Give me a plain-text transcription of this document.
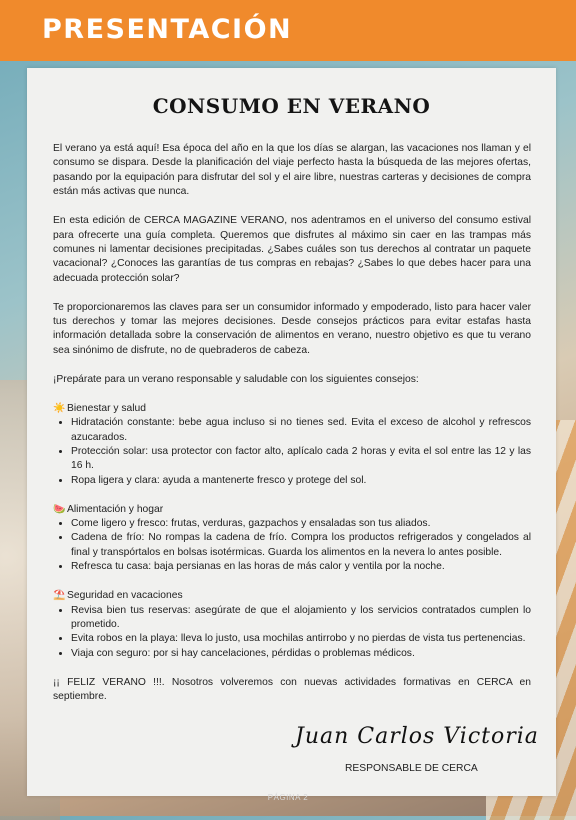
PRESENTACIÓN
CONSUMO EN VERANO

El verano ya está aquí! Esa época del año en la que los días se alargan, las vacaciones nos llaman y el consumo se dispara. Desde la planificación del viaje perfecto hasta la búsqueda de las mejores ofertas, pasando por la equipación para disfrutar del sol y el aire libre, nuestras carteras y decisiones de compra están más activas que nunca.

En esta edición de CERCA MAGAZINE VERANO, nos adentramos en el universo del consumo estival para ofrecerte una guía completa. Queremos que disfrutes al máximo sin caer en las trampas más comunes ni lamentar decisiones precipitadas. ¿Sabes cuáles son tus derechos al contratar un paquete vacacional? ¿Conoces las garantías de tus compras en rebajas? ¿Sabes lo que debes hacer para una adecuada protección solar?

Te proporcionaremos las claves para ser un consumidor informado y empoderado, listo para hacer valer tus derechos y tomar las mejores decisiones. Desde consejos prácticos para evitar estafas hasta información detallada sobre la conservación de alimentos en verano, nuestro objetivo es que tu verano sea sinónimo de disfrute, no de quebraderos de cabeza.

¡Prepárate para un verano responsable y saludable con los siguientes consejos:

☀️ Bienestar y salud
• Hidratación constante: bebe agua incluso si no tienes sed. Evita el exceso de alcohol y refrescos azucarados.
• Protección solar: usa protector con factor alto, aplícalo cada 2 horas y evita el sol entre las 12 y las 16 h.
• Ropa ligera y clara: ayuda a mantenerte fresco y protege del sol.
🍉 Alimentación y hogar
• Come ligero y fresco: frutas, verduras, gazpachos y ensaladas son tus aliados.
• Cadena de frío: No rompas la cadena de frío. Compra los productos refrigerados y congelados al final y transpórtalos en bolsas isotérmicas. Guarda los alimentos en la nevera lo antes posible.
• Refresca tu casa: baja persianas en las horas de más calor y ventila por la noche.
⛱️ Seguridad en vacaciones
• Revisa bien tus reservas: asegúrate de que el alojamiento y los servicios contratados cumplen lo prometido.
• Evita robos en la playa: lleva lo justo, usa mochilas antirrobo y no pierdas de vista tus pertenencias.
• Viaja con seguro: por si hay cancelaciones, pérdidas o problemas médicos.

¡¡ FELIZ VERANO !!!. Nosotros volveremos con nuevas actividades formativas en CERCA en septiembre.

Juan Carlos Victoria
RESPONSABLE DE CERCA
PÁGINA 2
